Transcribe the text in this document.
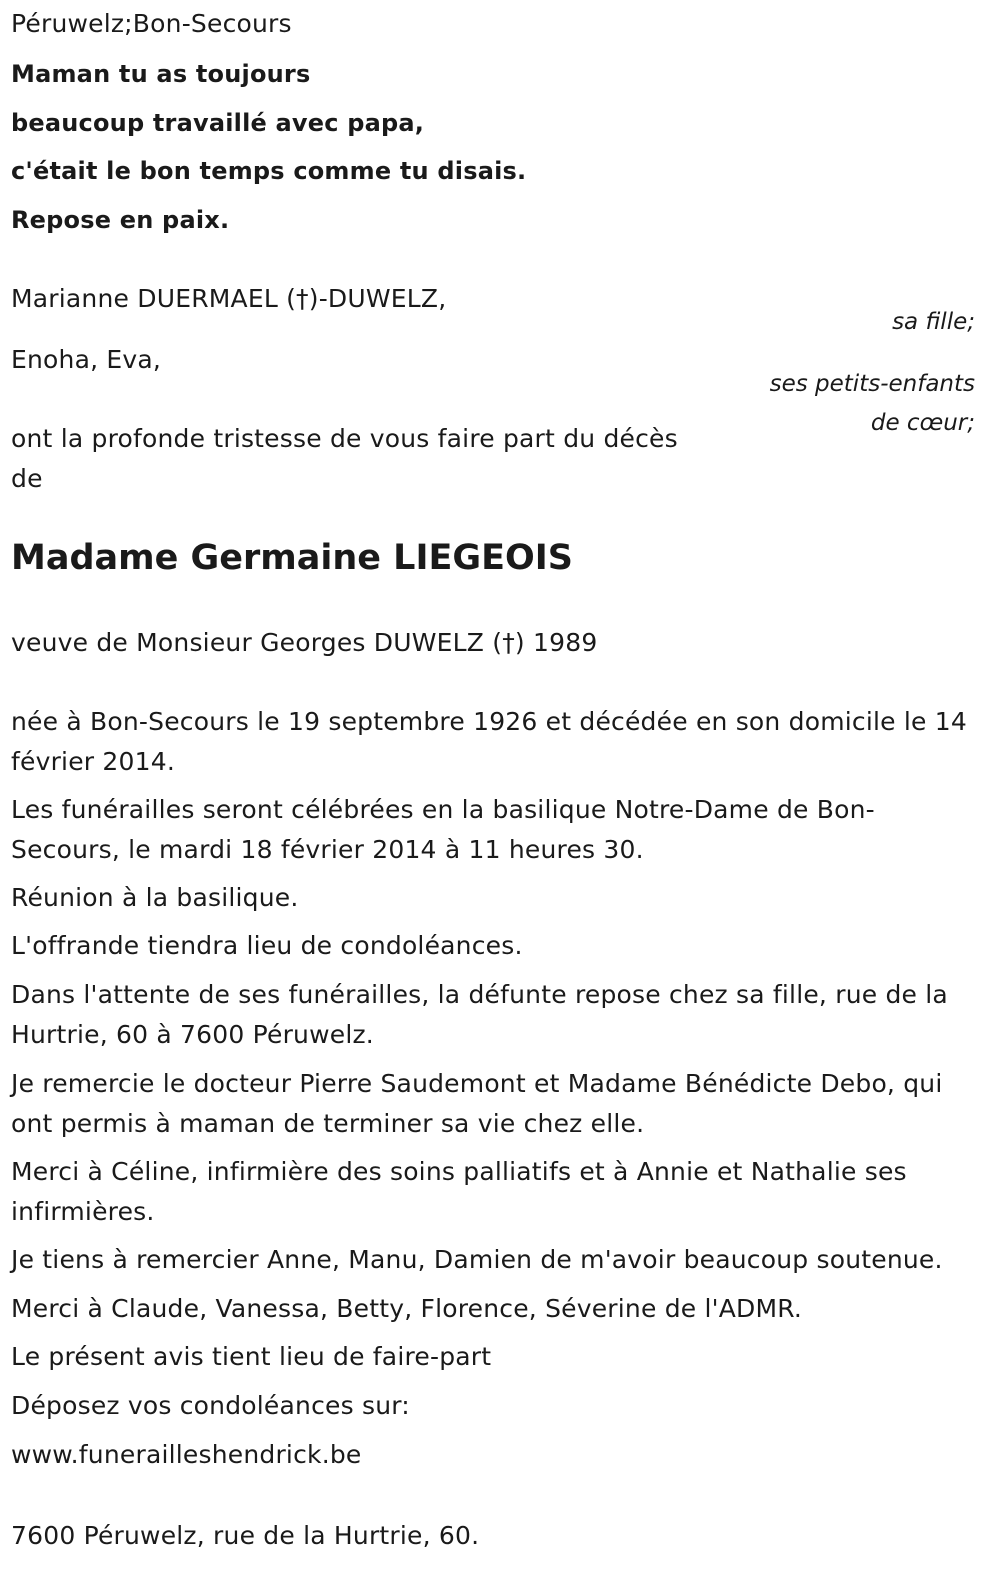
Péruwelz;Bon-Secours
Maman tu as toujours
beaucoup travaillé avec papa,
c'était le bon temps comme tu disais.
Repose en paix.
Marianne DUERMAEL (†)-DUWELZ,
sa fille;
Enoha, Eva,
ses petits-enfants
de cœur;
ont la profonde tristesse de vous faire part du décès
de
Madame Germaine LIEGEOIS
veuve de Monsieur Georges DUWELZ (†) 1989
née à Bon-Secours le 19 septembre 1926 et décédée en son domicile le 14 février 2014.
Les funérailles seront célébrées en la basilique Notre-Dame de Bon-Secours, le mardi 18 février 2014 à 11 heures 30.
Réunion à la basilique.
L'offrande tiendra lieu de condoléances.
Dans l'attente de ses funérailles, la défunte repose chez sa fille, rue de la Hurtrie, 60 à 7600 Péruwelz.
Je remercie le docteur Pierre Saudemont et Madame Bénédicte Debo, qui ont permis à maman de terminer sa vie chez elle.
Merci à Céline, infirmière des soins palliatifs et à Annie et Nathalie ses infirmières.
Je tiens à remercier Anne, Manu, Damien de m'avoir beaucoup soutenue.
Merci à Claude, Vanessa, Betty, Florence, Séverine de l'ADMR.
Le présent avis tient lieu de faire-part
Déposez vos condoléances sur:
www.funerailleshendrick.be
7600 Péruwelz, rue de la Hurtrie, 60.
